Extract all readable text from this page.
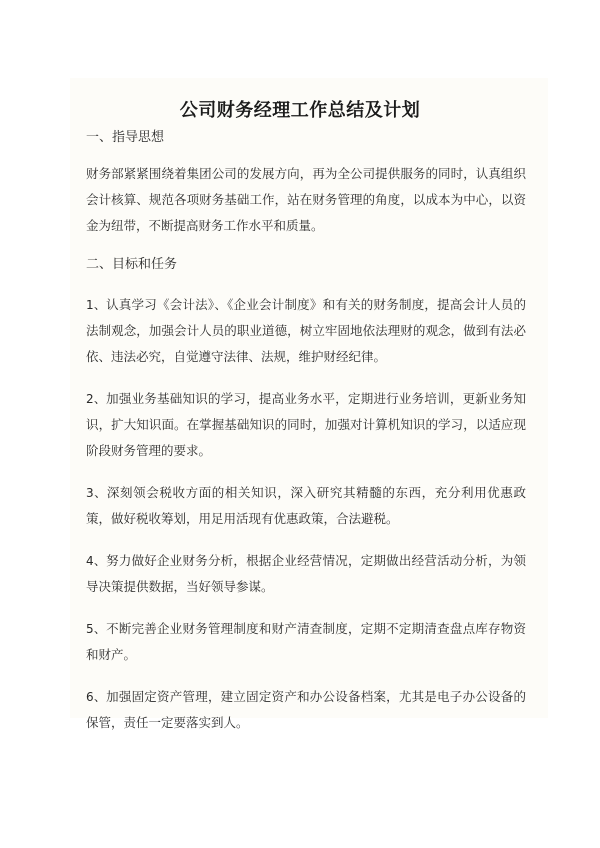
公司财务经理工作总结及计划

一、指导思想

财务部紧紧围绕着集团公司的发展方向，再为全公司提供服务的同时，认真组织会计核算、规范各项财务基础工作，站在财务管理的角度，以成本为中心，以资金为纽带，不断提高财务工作水平和质量。

二、目标和任务

1、认真学习《会计法》、《企业会计制度》和有关的财务制度，提高会计人员的法制观念，加强会计人员的职业道德，树立牢固地依法理财的观念，做到有法必依、违法必究，自觉遵守法律、法规，维护财经纪律。

2、加强业务基础知识的学习，提高业务水平，定期进行业务培训，更新业务知识，扩大知识面。在掌握基础知识的同时，加强对计算机知识的学习，以适应现阶段财务管理的要求。

3、深刻领会税收方面的相关知识，深入研究其精髓的东西，充分利用优惠政策，做好税收筹划，用足用活现有优惠政策，合法避税。

4、努力做好企业财务分析，根据企业经营情况，定期做出经营活动分析，为领导决策提供数据，当好领导参谋。

5、不断完善企业财务管理制度和财产清查制度，定期不定期清查盘点库存物资和财产。

6、加强固定资产管理，建立固定资产和办公设备档案，尤其是电子办公设备的保管，责任一定要落实到人。
